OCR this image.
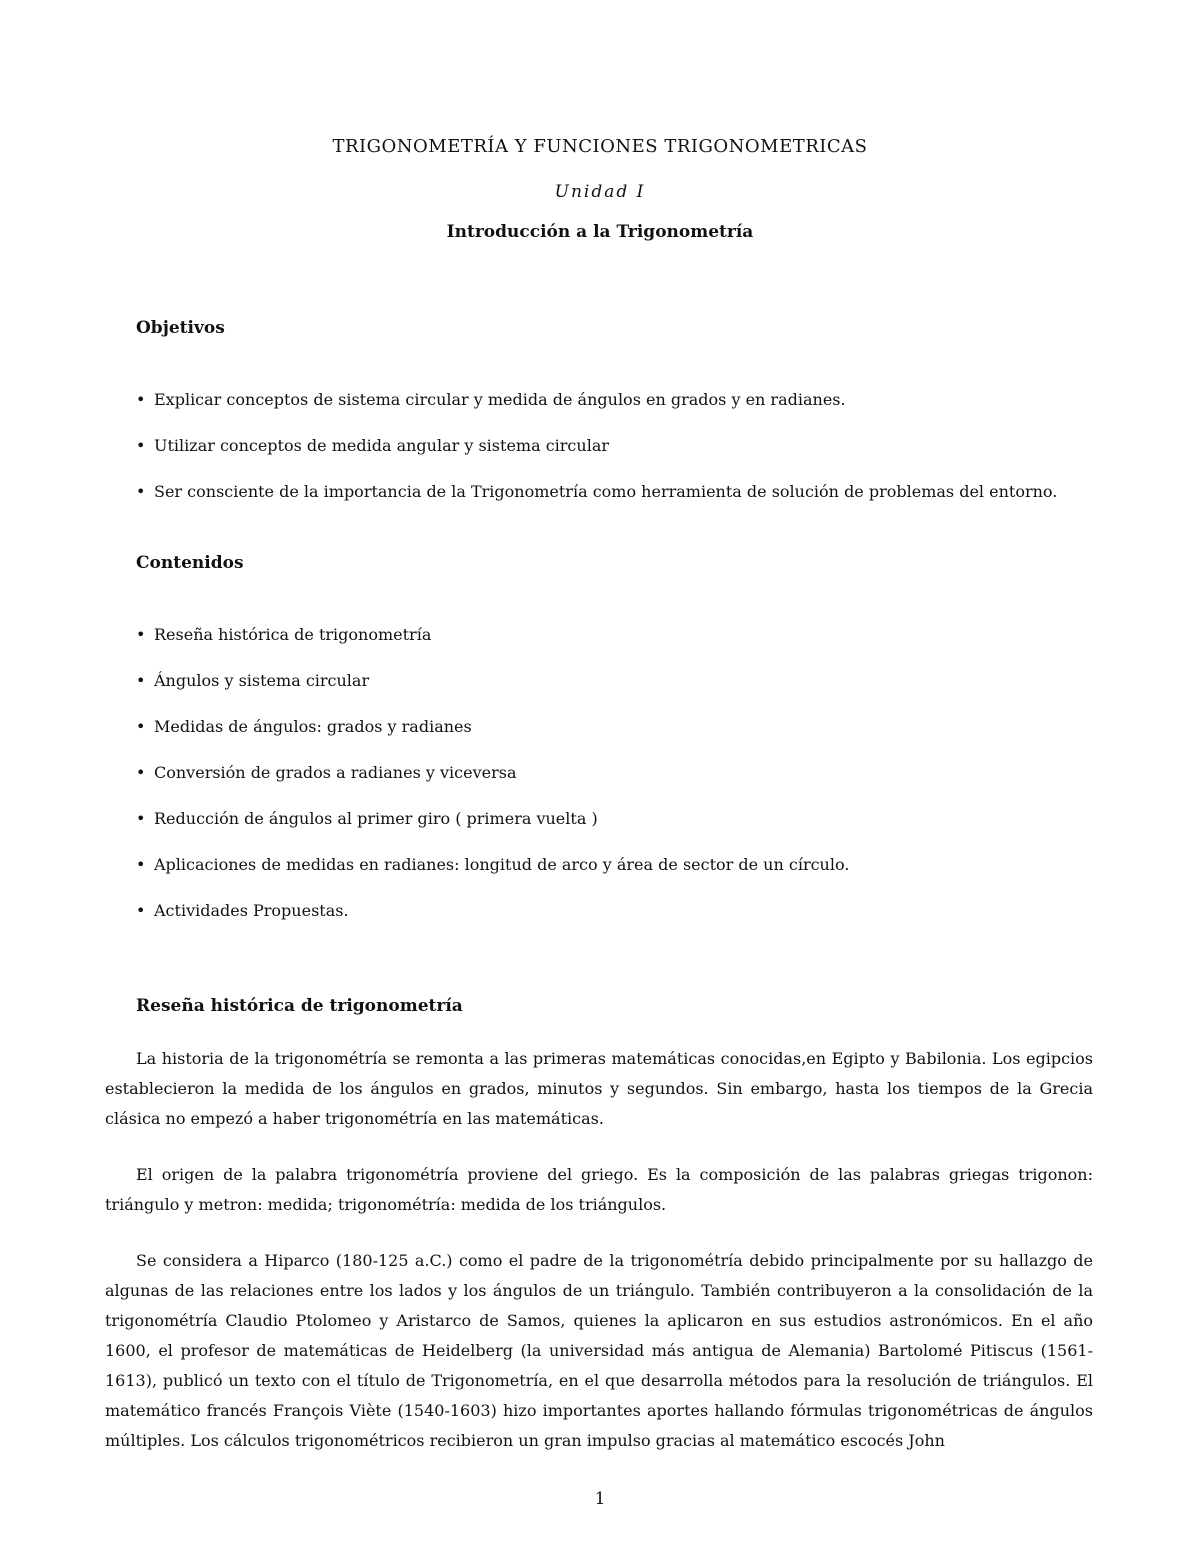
TRIGONOMETRÍA Y FUNCIONES TRIGONOMETRICAS
Unidad I
Introducción a la Trigonometría
Objetivos
• Explicar conceptos de sistema circular y medida de ángulos en grados y en radianes.
• Utilizar conceptos de medida angular y sistema circular
• Ser consciente de la importancia de la Trigonometría como herramienta de solución de problemas del entorno.
Contenidos
• Reseña histórica de trigonometría
• Ángulos y sistema circular
• Medidas de ángulos: grados y radianes
• Conversión de grados a radianes y viceversa
• Reducción de ángulos al primer giro ( primera vuelta )
• Aplicaciones de medidas en radianes: longitud de arco y área de sector de un círculo.
• Actividades Propuestas.
Reseña histórica de trigonometría

La historia de la trigonométría se remonta a las primeras matemáticas conocidas,en Egipto y Babilonia. Los egipcios establecieron la medida de los ángulos en grados, minutos y segundos. Sin embargo, hasta los tiempos de la Grecia clásica no empezó a haber trigonométría en las matemáticas.

El origen de la palabra trigonométría proviene del griego. Es la composición de las palabras griegas trigonon: triángulo y metron: medida; trigonométría: medida de los triángulos.

Se considera a Hiparco (180-125 a.C.) como el padre de la trigonométría debido principalmente por su hallazgo de algunas de las relaciones entre los lados y los ángulos de un triángulo. También contribuyeron a la consolidación de la trigonométría Claudio Ptolomeo y Aristarco de Samos, quienes la aplicaron en sus estudios astronómicos. En el año 1600, el profesor de matemáticas de Heidelberg (la universidad más antigua de Alemania) Bartolomé Pitiscus (1561-1613), publicó un texto con el título de Trigonometría, en el que desarrolla métodos para la resolución de triángulos. El matemático francés François Viète (1540-1603) hizo importantes aportes hallando fórmulas trigonométricas de ángulos múltiples. Los cálculos trigonométricos recibieron un gran impulso gracias al matemático escocés John

1
